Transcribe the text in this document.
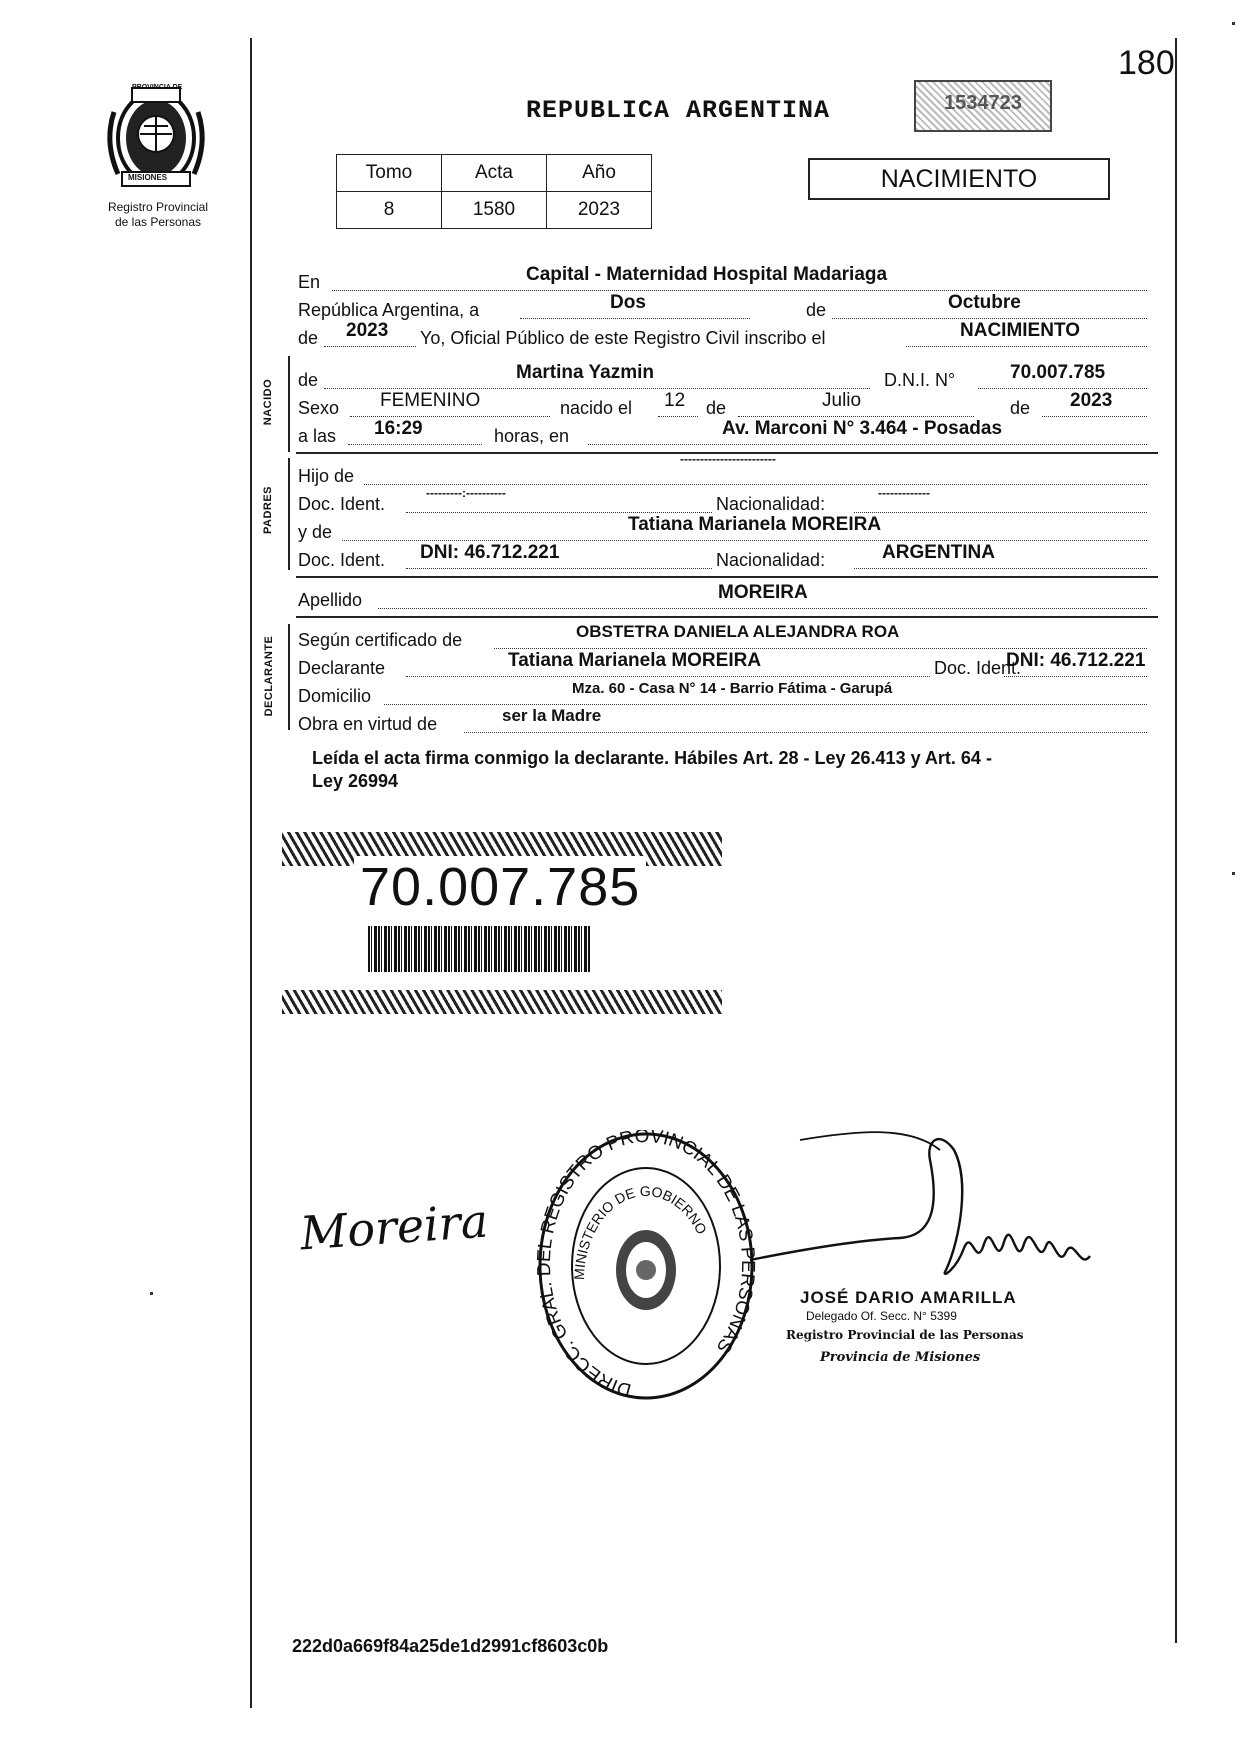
180
PROVINCIA DE
MISIONES
Registro Provincial
de las Personas
REPUBLICA ARGENTINA	1534723
Tomo	Acta	Año
8	1580	2023
NACIMIENTO
En	Capital - Maternidad Hospital Madariaga
República Argentina, a	Dos	de	Octubre
de 2023 Yo, Oficial Público de este Registro Civil inscribo el	NACIMIENTO
NACIDO de	Martina Yazmin	D.N.I. N°	70.007.785
Sexo FEMENINO	nacido el 12 de	Julio	de 2023
a las 16:29	horas, en	Av. Marconi N° 3.464 - Posadas
PADRES
Hijo de
------------------------
Doc. Ident.
---------:----------
Nacionalidad:
-------------
y de	Tatiana Marianela MOREIRA
Doc. Ident. DNI: 46.712.221	Nacionalidad:	ARGENTINA
Apellido	MOREIRA
DECLARANTE Según certificado de	OBSTETRA DANIELA ALEJANDRA ROA
Declarante	Tatiana Marianela MOREIRA	Doc. Ident.
DNI: 46.712.221
Domicilio	Mza. 60 - Casa N° 14 - Barrio Fátima - Garupá
Obra en virtud de	ser la Madre
Leída el acta firma conmigo la declarante. Hábiles Art. 28 - Ley 26.413 y Art. 64 -
Ley 26994
70.007.785
DIRECC. GRAL. DEL REGISTRO PROVINCIAL DE LAS P RSONAS
MINISTERIO DE GOBIERNO
Moreira
JOSÉ DARIO AMARILLA
Delegado Of. Secc. N° 5399
Registro Provincial de las Personas
Provincia de Misiones
222d0a669f84a25de1d2991cf8603c0b
